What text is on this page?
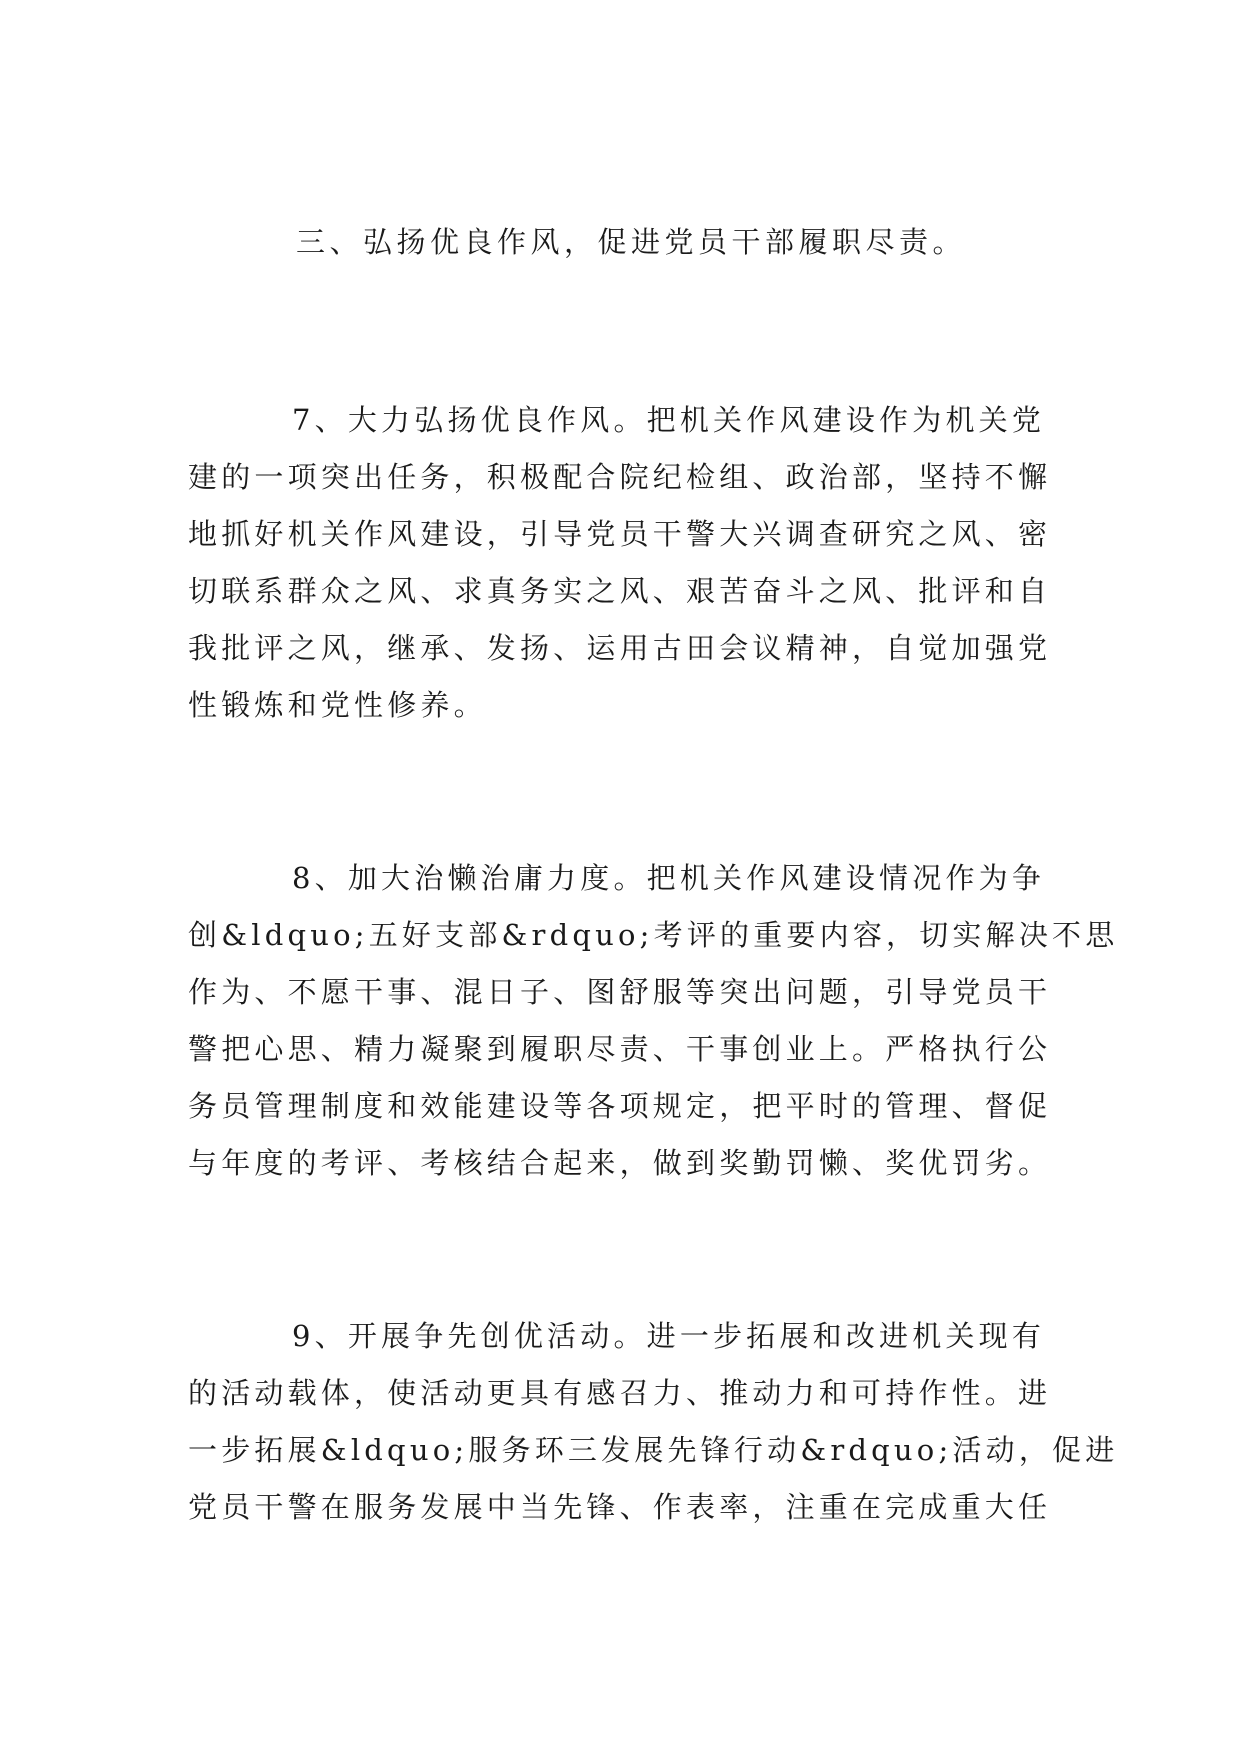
三、弘扬优良作风，促进党员干部履职尽责。
7、大力弘扬优良作风。把机关作风建设作为机关党
建的一项突出任务，积极配合院纪检组、政治部，坚持不懈
地抓好机关作风建设，引导党员干警大兴调查研究之风、密
切联系群众之风、求真务实之风、艰苦奋斗之风、批评和自
我批评之风，继承、发扬、运用古田会议精神，自觉加强党
性锻炼和党性修养。
8、加大治懒治庸力度。把机关作风建设情况作为争
创&ldquo;五好支部&rdquo;考评的重要内容，切实解决不思
作为、不愿干事、混日子、图舒服等突出问题，引导党员干
警把心思、精力凝聚到履职尽责、干事创业上。严格执行公
务员管理制度和效能建设等各项规定，把平时的管理、督促
与年度的考评、考核结合起来，做到奖勤罚懒、奖优罚劣。
9、开展争先创优活动。进一步拓展和改进机关现有
的活动载体，使活动更具有感召力、推动力和可持作性。进
一步拓展&ldquo;服务环三发展先锋行动&rdquo;活动，促进
党员干警在服务发展中当先锋、作表率，注重在完成重大任
